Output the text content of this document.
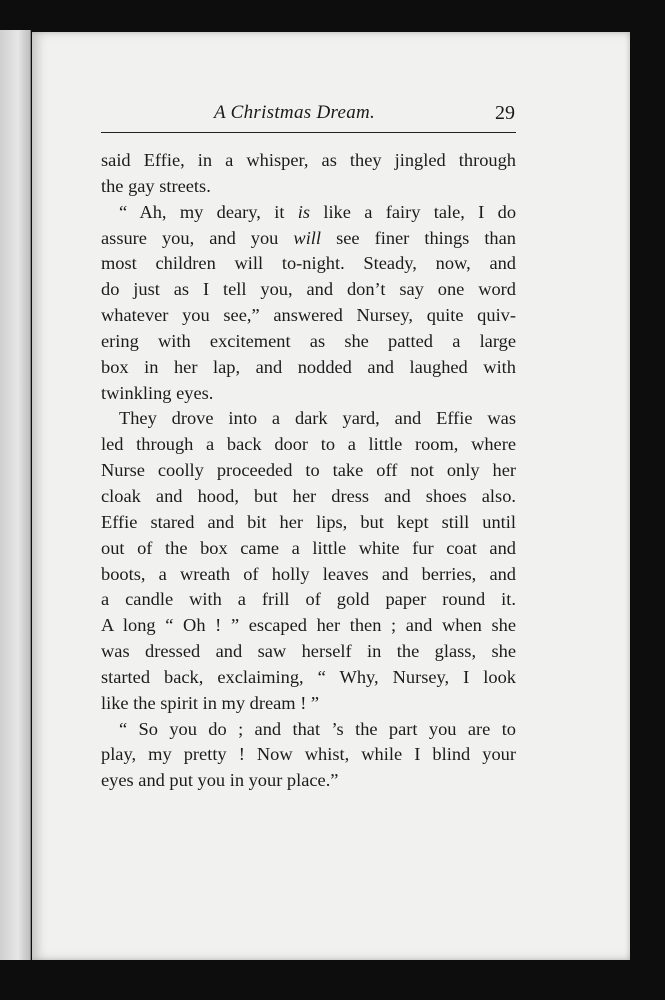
A Christmas Dream.	29
said Effie, in a whisper, as they jingled through
the gay streets.
“ Ah, my deary, it is like a fairy tale, I do
assure you, and you will see finer things than
most children will to-night. Steady, now, and
do just as I tell you, and don’t say one word
whatever you see,” answered Nursey, quite quiv-
ering with excitement as she patted a large
box in her lap, and nodded and laughed with
twinkling eyes.
They drove into a dark yard, and Effie was
led through a back door to a little room, where
Nurse coolly proceeded to take off not only her
cloak and hood, but her dress and shoes also.
Effie stared and bit her lips, but kept still until
out of the box came a little white fur coat and
boots, a wreath of holly leaves and berries, and
a candle with a frill of gold paper round it.
A long “ Oh ! ” escaped her then ; and when she
was dressed and saw herself in the glass, she
started back, exclaiming, “ Why, Nursey, I look
like the spirit in my dream ! ”
“ So you do ; and that ’s the part you are to
play, my pretty ! Now whist, while I blind your
eyes and put you in your place.”
